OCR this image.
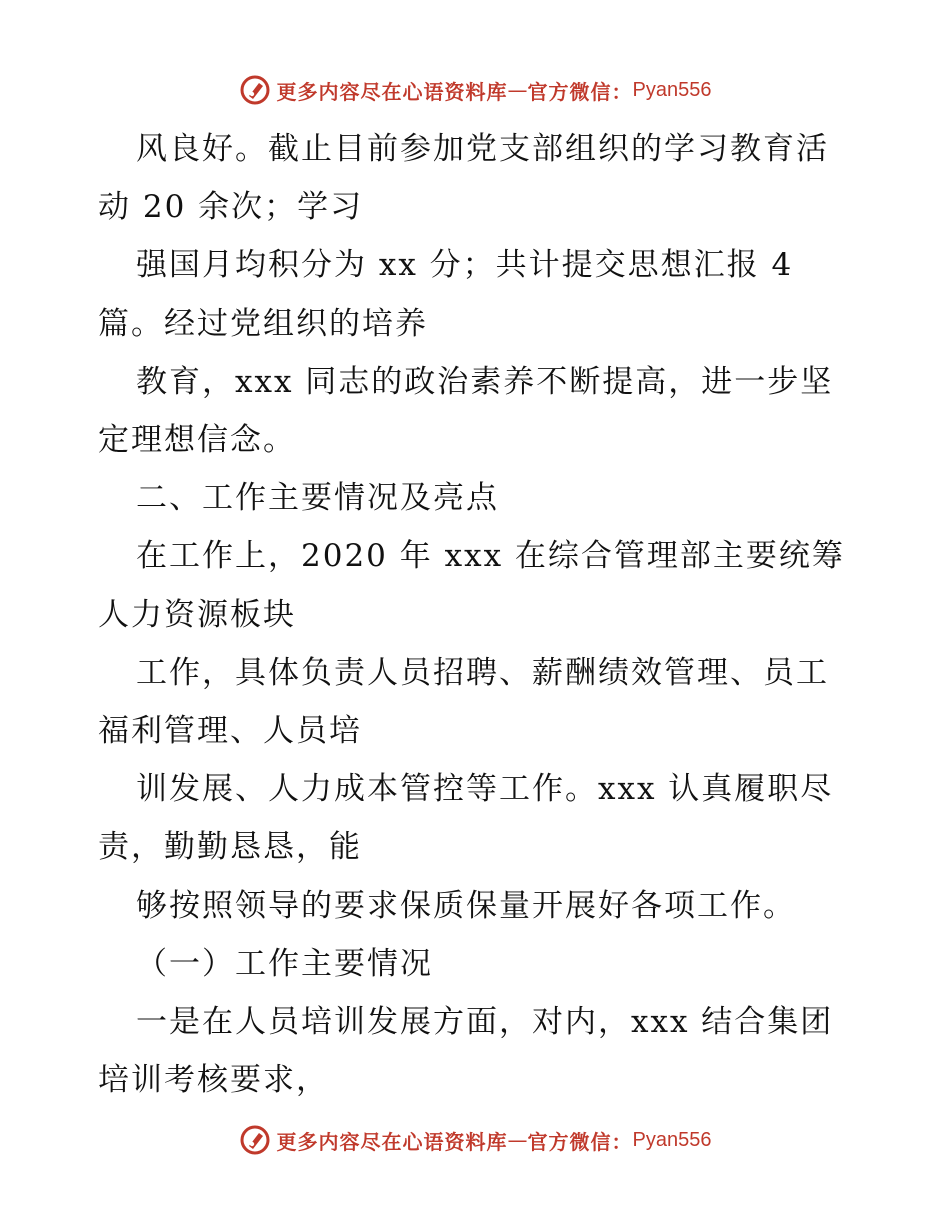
更多内容尽在心语资料库 — 官方微信： Pyan556

风良好。截止目前参加党支部组织的学习教育活动 20 余次；学习

强国月均积分为 xx 分；共计提交思想汇报 4 篇。经过党组织的培养

教育，xxx 同志的政治素养不断提高，进一步坚定理想信念。

二、工作主要情况及亮点

在工作上，2020 年 xxx 在综合管理部主要统筹人力资源板块

工作，具体负责人员招聘、薪酬绩效管理、员工福利管理、人员培

训发展、人力成本管控等工作。xxx 认真履职尽责，勤勤恳恳，能

够按照领导的要求保质保量开展好各项工作。

（一）工作主要情况

一是在人员培训发展方面，对内，xxx 结合集团培训考核要求，

更多内容尽在心语资料库 — 官方微信： Pyan556
